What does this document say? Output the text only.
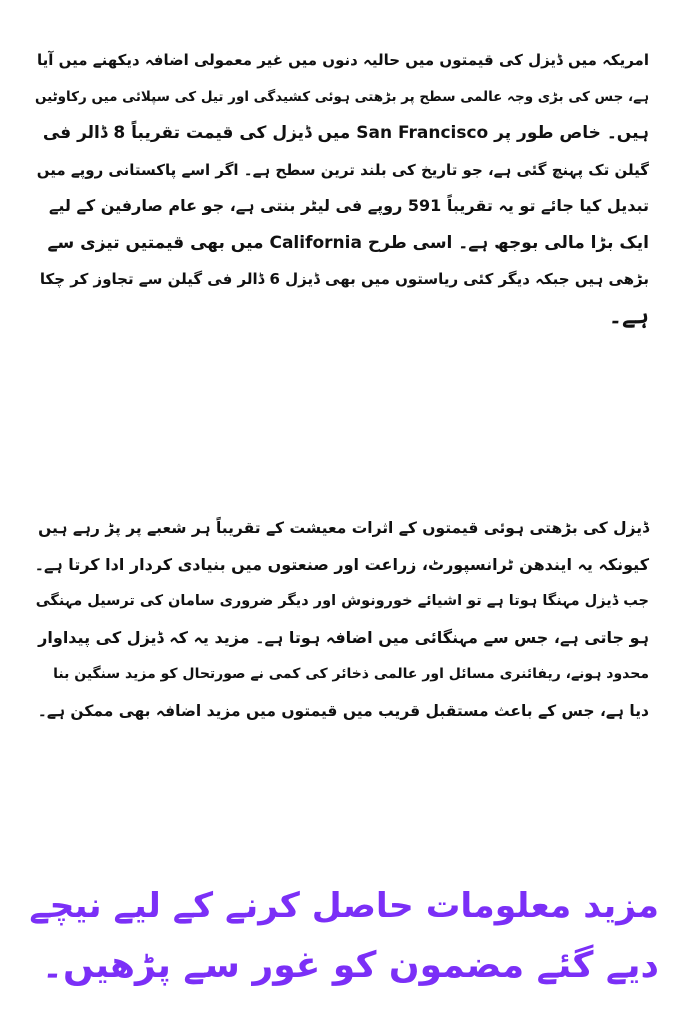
امریکہ میں ڈیزل کی قیمتوں میں حالیہ دنوں میں غیر معمولی اضافہ دیکھنے میں آیا
ہے، جس کی بڑی وجہ عالمی سطح پر بڑھتی ہوئی کشیدگی اور تیل کی سپلائی میں رکاوٹیں
ہیں۔ خاص طور پر San Francisco میں ڈیزل کی قیمت تقریباً 8 ڈالر فی
گیلن تک پہنچ گئی ہے، جو تاریخ کی بلند ترین سطح ہے۔ اگر اسے پاکستانی روپے میں
تبدیل کیا جائے تو یہ تقریباً 591 روپے فی لیٹر بنتی ہے، جو عام صارفین کے لیے
ایک بڑا مالی بوجھ ہے۔ اسی طرح California میں بھی قیمتیں تیزی سے
بڑھی ہیں جبکہ دیگر کئی ریاستوں میں بھی ڈیزل 6 ڈالر فی گیلن سے تجاوز کر چکا
ہے۔
ڈیزل کی بڑھتی ہوئی قیمتوں کے اثرات معیشت کے تقریباً ہر شعبے پر پڑ رہے ہیں
کیونکہ یہ ایندھن ٹرانسپورٹ، زراعت اور صنعتوں میں بنیادی کردار ادا کرتا ہے۔
جب ڈیزل مہنگا ہوتا ہے تو اشیائے خورونوش اور دیگر ضروری سامان کی ترسیل مہنگی
ہو جاتی ہے، جس سے مہنگائی میں اضافہ ہوتا ہے۔ مزید یہ کہ ڈیزل کی پیداوار
محدود ہونے، ریفائنری مسائل اور عالمی ذخائر کی کمی نے صورتحال کو مزید سنگین بنا
دیا ہے، جس کے باعث مستقبل قریب میں قیمتوں میں مزید اضافہ بھی ممکن ہے۔
مزید معلومات حاصل کرنے کے لیے نیچے
دیے گئے مضمون کو غور سے پڑھیں۔
